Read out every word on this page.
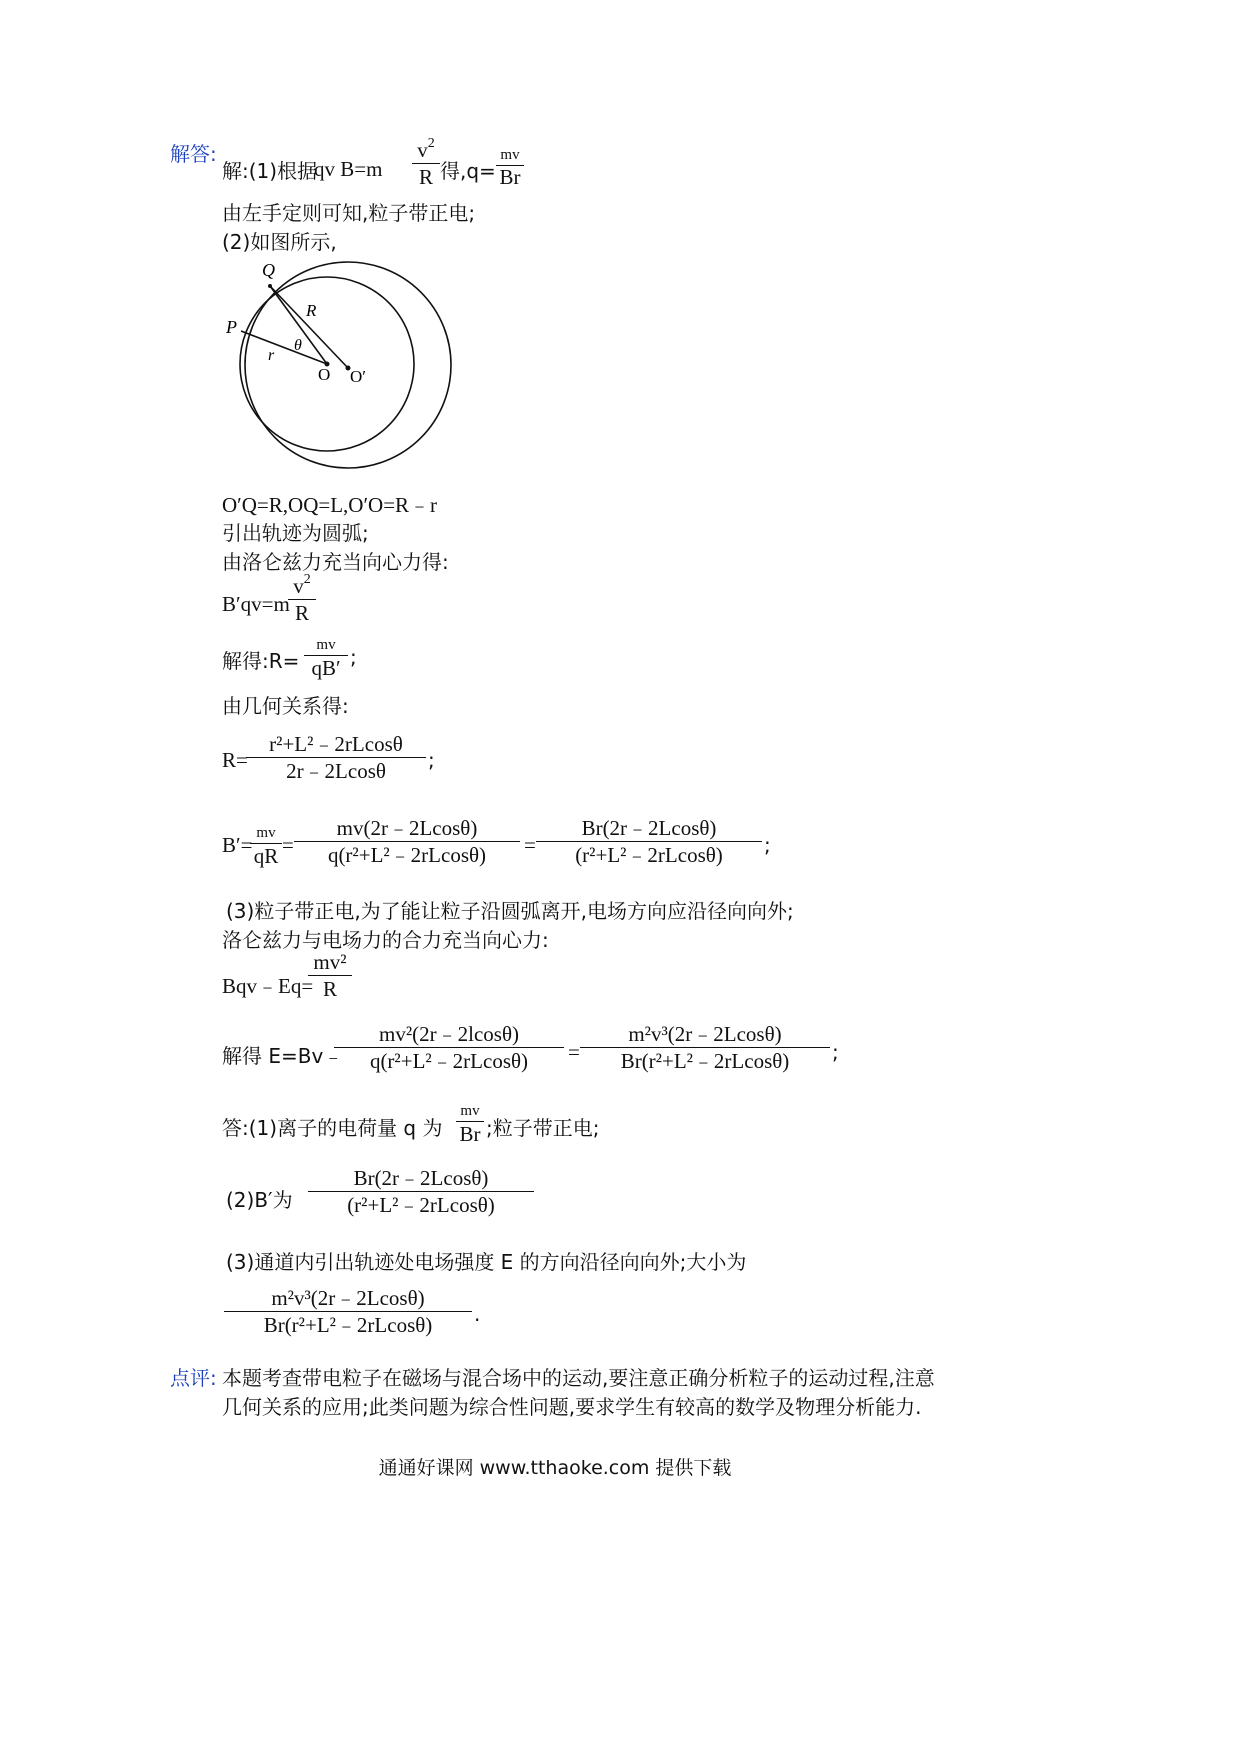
解答:
解:(1)根据
qv B=m
$v^2$
R 得,q=
mv
Br
由左手定则可知,粒子带正电;
(2)如图所示,
Q
P
R
θ
r
O O′
O′Q=R,OQ=L,O′O=R﹣r
引出轨迹为圆弧;
由洛仑兹力充当向心力得:
B′qv=m
$v^2$
R
解得:R=
mv
qB′ ;
由几何关系得:
R=
r²+L²﹣2rLcosθ
2r﹣2Lcosθ	;
B′= mv
qR =
mv(2r﹣2Lcosθ)
q(r²+L²﹣2rLcosθ)	=
Br(2r﹣2Lcosθ)
(r²+L²﹣2rLcosθ)	;
(3)粒子带正电,为了能让粒子沿圆弧离开,电场方向应沿径向向外;
洛仑兹力与电场力的合力充当向心力:
Bqv﹣Eq=
mv²
R
解得 E=Bv﹣
mv²(2r﹣2lcosθ)
q(r²+L²﹣2rLcosθ)	=
m²v³(2r﹣2Lcosθ)
Br(r²+L²﹣2rLcosθ)	;
答:(1)离子的电荷量 q 为
mv
Br ;粒子带正电;
(2)B′为
Br(2r﹣2Lcosθ)
(r²+L²﹣2rLcosθ)
(3)通道内引出轨迹处电场强度 E 的方向沿径向向外;大小为
m²v³(2r﹣2Lcosθ)
Br(r²+L²﹣2rLcosθ)	.
点评: 本题考查带电粒子在磁场与混合场中的运动,要注意正确分析粒子的运动过程,注意
几何关系的应用;此类问题为综合性问题,要求学生有较高的数学及物理分析能力.
通通好课网 www.tthaoke.com 提供下载
